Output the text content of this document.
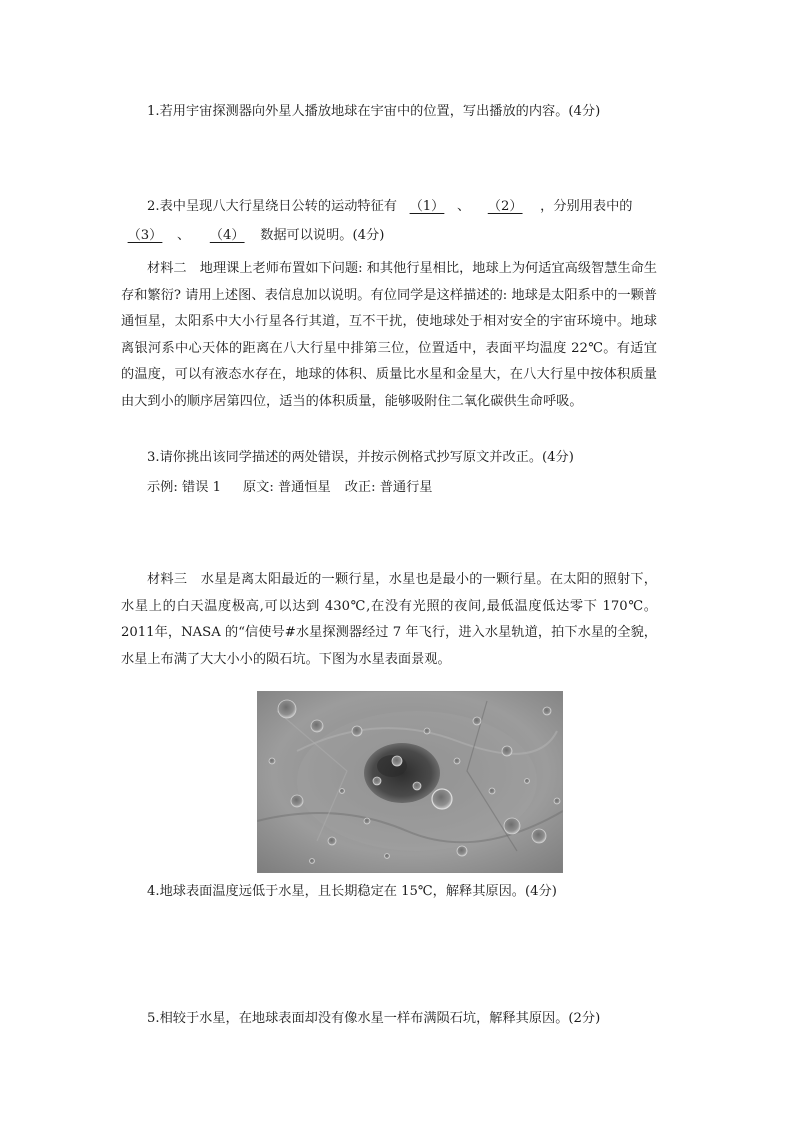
1.若用宇宙探测器向外星人播放地球在宇宙中的位置，写出播放的内容。(4分)
2.表中呈现八大行星绕日公转的运动特征有 （1） 、 （2） ，分别用表中的
（3） 、 （4） 数据可以说明。(4分)
材料二　地理课上老师布置如下问题: 和其他行星相比，地球上为何适宜高级智慧生命生存和繁衍? 请用上述图、表信息加以说明。有位同学是这样描述的: 地球是太阳系中的一颗普通恒星，太阳系中大小行星各行其道，互不干扰，使地球处于相对安全的宇宙环境中。地球离银河系中心天体的距离在八大行星中排第三位，位置适中，表面平均温度 22℃。有适宜的温度，可以有液态水存在，地球的体积、质量比水星和金星大，在八大行星中按体积质量由大到小的顺序居第四位，适当的体积质量，能够吸附住二氧化碳供生命呼吸。
3.请你挑出该同学描述的两处错误，并按示例格式抄写原文并改正。(4分)
示例: 错误 1 原文: 普通恒星 改正: 普通行星
材料三　水星是离太阳最近的一颗行星，水星也是最小的一颗行星。在太阳的照射下，水星上的白天温度极高,可以达到 430℃,在没有光照的夜间,最低温度低达零下 170℃。2011年，NASA 的“信使号#水星探测器经过 7 年飞行，进入水星轨道，拍下水星的全貌，水星上布满了大大小小的陨石坑。下图为水星表面景观。
4.地球表面温度远低于水星，且长期稳定在 15℃，解释其原因。(4分)
5.相较于水星，在地球表面却没有像水星一样布满陨石坑，解释其原因。(2分)
